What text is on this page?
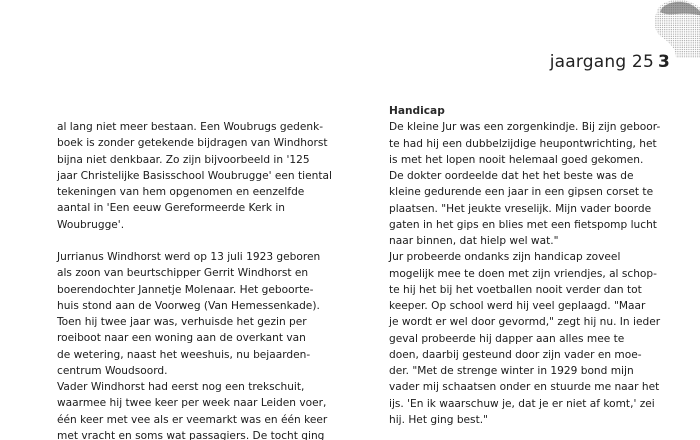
jaargang 25 3
al lang niet meer bestaan. Een Woubrugs gedenk-
boek is zonder getekende bijdragen van Windhorst
bijna niet denkbaar. Zo zijn bijvoorbeeld in '125
jaar Christelijke Basisschool Woubrugge' een tiental
tekeningen van hem opgenomen en eenzelfde
aantal in 'Een eeuw Gereformeerde Kerk in
Woubrugge'.
Jurrianus Windhorst werd op 13 juli 1923 geboren
als zoon van beurtschipper Gerrit Windhorst en
boerendochter Jannetje Molenaar. Het geboorte-
huis stond aan de Voorweg (Van Hemessenkade).
Toen hij twee jaar was, verhuisde het gezin per
roeiboot naar een woning aan de overkant van
de wetering, naast het weeshuis, nu bejaarden-
centrum Woudsoord.
Vader Windhorst had eerst nog een trekschuit,
waarmee hij twee keer per week naar Leiden voer,
één keer met vee als er veemarkt was en één keer
met vracht en soms wat passagiers. De tocht ging
Handicap
De kleine Jur was een zorgenkindje. Bij zijn geboor-
te had hij een dubbelzijdige heupontwrichting, het
is met het lopen nooit helemaal goed gekomen.
De dokter oordeelde dat het het beste was de
kleine gedurende een jaar in een gipsen corset te
plaatsen. "Het jeukte vreselijk. Mijn vader boorde
gaten in het gips en blies met een fietspomp lucht
naar binnen, dat hielp wel wat."
Jur probeerde ondanks zijn handicap zoveel
mogelijk mee te doen met zijn vriendjes, al schop-
te hij het bij het voetballen nooit verder dan tot
keeper. Op school werd hij veel geplaagd. "Maar
je wordt er wel door gevormd," zegt hij nu. In ieder
geval probeerde hij dapper aan alles mee te
doen, daarbij gesteund door zijn vader en moe-
der. "Met de strenge winter in 1929 bond mijn
vader mij schaatsen onder en stuurde me naar het
ijs. 'En ik waarschuw je, dat je er niet af komt,' zei
hij. Het ging best."
